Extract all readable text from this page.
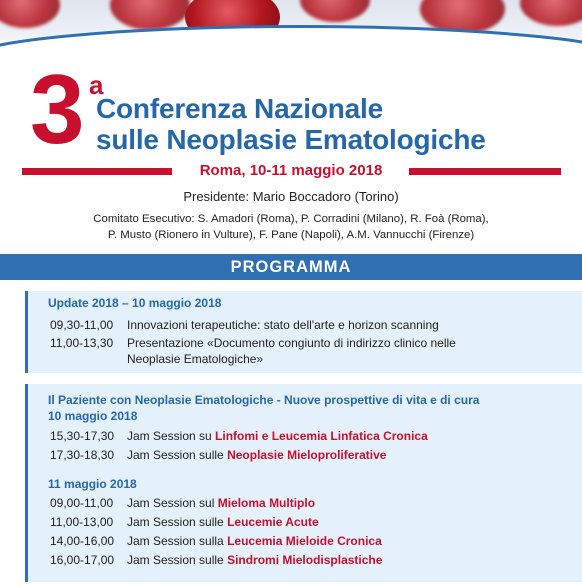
3 a
Conferenza Nazionale
sulle Neoplasie Ematologiche
Roma, 10-11 maggio 2018
Presidente: Mario Boccadoro (Torino)
Comitato Esecutivo: S. Amadori (Roma), P. Corradini (Milano), R. Foà (Roma),
P. Musto (Rionero in Vulture), F. Pane (Napoli), A.M. Vannucchi (Firenze)
PROGRAMMA
Update 2018 – 10 maggio 2018
09,30-11,00 Innovazioni terapeutiche: stato dell'arte e horizon scanning
11,00-13,30 Presentazione «Documento congiunto di indirizzo clinico nelle Neoplasie Ematologiche»
Il Paziente con Neoplasie Ematologiche - Nuove prospettive di vita e di cura
10 maggio 2018
15,30-17,30 Jam Session su Linfomi e Leucemia Linfatica Cronica
17,30-18,30 Jam Session sulle Neoplasie Mieloproliferative
11 maggio 2018
09,00-11,00 Jam Session sul Mieloma Multiplo
11,00-13,00 Jam Session sulle Leucemie Acute
14,00-16,00 Jam Session sulla Leucemia Mieloide Cronica
16,00-17,00 Jam Session sulle Sindromi Mielodisplastiche
